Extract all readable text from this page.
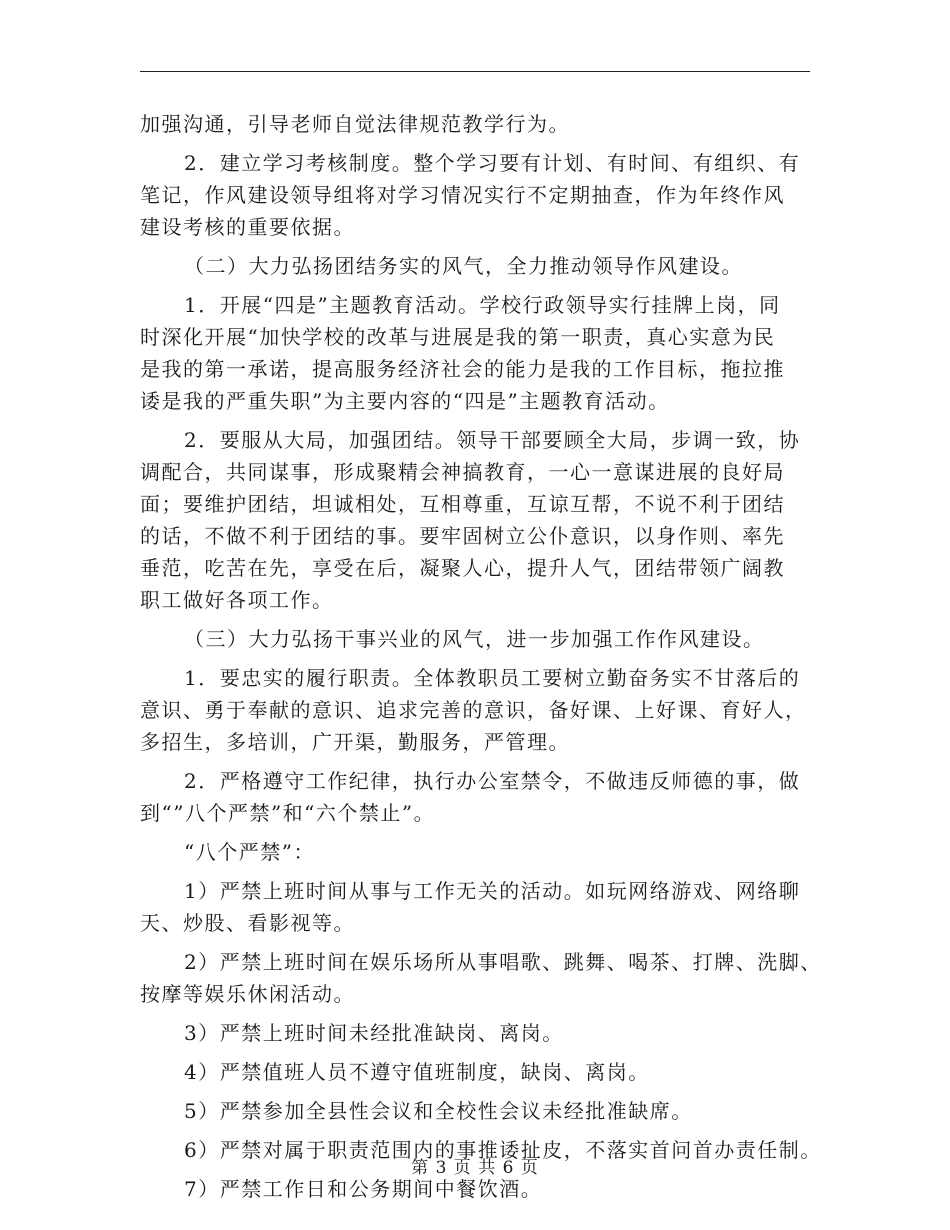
加强沟通，引导老师自觉法律规范教学行为。

2．建立学习考核制度。整个学习要有计划、有时间、有组织、有

笔记，作风建设领导组将对学习情况实行不定期抽查，作为年终作风

建设考核的重要依据。

（二）大力弘扬团结务实的风气，全力推动领导作风建设。

1．开展“四是”主题教育活动。学校行政领导实行挂牌上岗，同

时深化开展“加快学校的改革与进展是我的第一职责，真心实意为民

是我的第一承诺，提高服务经济社会的能力是我的工作目标，拖拉推

诿是我的严重失职”为主要内容的“四是”主题教育活动。

2．要服从大局，加强团结。领导干部要顾全大局，步调一致，协

调配合，共同谋事，形成聚精会神搞教育，一心一意谋进展的良好局

面；要维护团结，坦诚相处，互相尊重，互谅互帮，不说不利于团结

的话，不做不利于团结的事。要牢固树立公仆意识，以身作则、率先

垂范，吃苦在先，享受在后，凝聚人心，提升人气，团结带领广阔教

职工做好各项工作。

（三）大力弘扬干事兴业的风气，进一步加强工作作风建设。

1．要忠实的履行职责。全体教职员工要树立勤奋务实不甘落后的

意识、勇于奉献的意识、追求完善的意识，备好课、上好课、育好人，

多招生，多培训，广开渠，勤服务，严管理。

2．严格遵守工作纪律，执行办公室禁令，不做违反师德的事，做

到“”八个严禁”和“六个禁止”。

“八个严禁”：

1）严禁上班时间从事与工作无关的活动。如玩网络游戏、网络聊

天、炒股、看影视等。

2）严禁上班时间在娱乐场所从事唱歌、跳舞、喝茶、打牌、洗脚、

按摩等娱乐休闲活动。

3）严禁上班时间未经批准缺岗、离岗。

4）严禁值班人员不遵守值班制度，缺岗、离岗。

5）严禁参加全县性会议和全校性会议未经批准缺席。

6）严禁对属于职责范围内的事推诿扯皮，不落实首问首办责任制。

7）严禁工作日和公务期间中餐饮酒。

第 3 页 共 6 页
